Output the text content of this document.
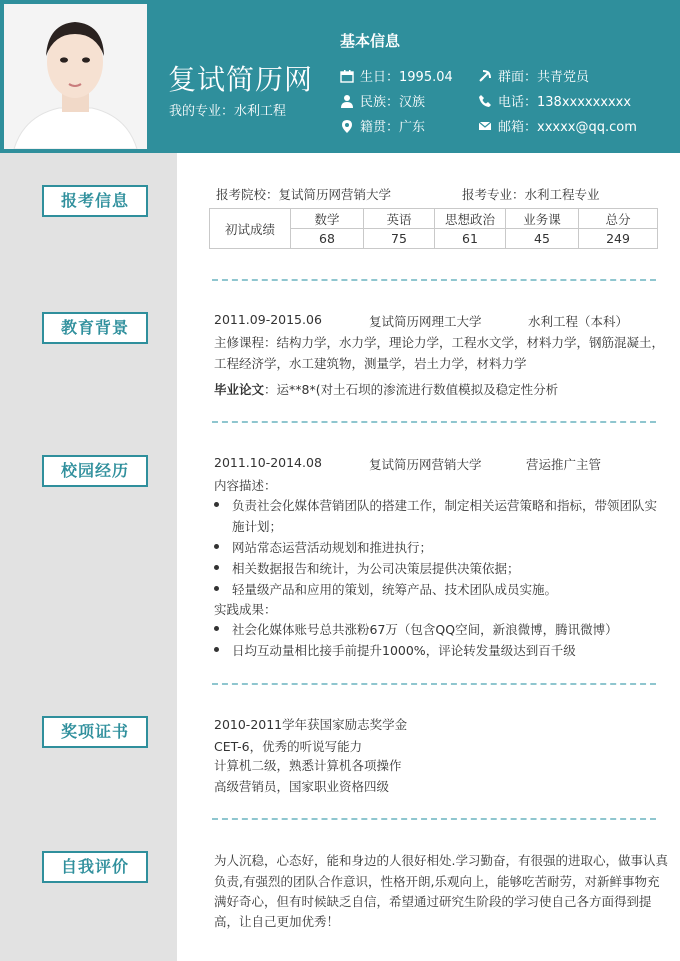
复试简历网
我的专业：水利工程
基本信息
生日：1995.04
民族：汉族
籍贯：广东
群面：共青党员
电话：138xxxxxxxxx
邮箱：xxxxx@qq.com
报考信息	报考院校：复试简历网营销大学	报考专业：水利工程专业
初试成绩	数学	英语	思想政治	业务课	总分
	68	75	61	45	249
教育背景	2011.09-2015.06	复试简历网理工大学	水利工程（本科）
主修课程：结构力学，水力学，理论力学，工程水文学，材料力学，钢筋混凝土，
工程经济学，水工建筑物，测量学，岩土力学，材料力学
毕业论文：运**8*(对土石坝的渗流进行数值模拟及稳定性分析
校园经历	2011.10-2014.08	复试简历网营销大学	营运推广主管
内容描述：
负责社会化媒体营销团队的搭建工作，制定相关运营策略和指标，带领团队实
施计划；
网站常态运营活动规划和推进执行；
相关数据报告和统计，为公司决策层提供决策依据；
轻量级产品和应用的策划，统筹产品、技术团队成员实施。
实践成果：
社会化媒体账号总共涨粉67万（包含QQ空间，新浪微博，腾讯微博）
日均互动量相比接手前提升1000%，评论转发量级达到百千级
奖项证书	2010-2011学年获国家励志奖学金
CET-6，优秀的听说写能力
计算机二级，熟悉计算机各项操作
高级营销员，国家职业资格四级
自我评价	为人沉稳，心态好，能和身边的人很好相处.学习勤奋，有很强的进取心，做事认真
负责,有强烈的团队合作意识，性格开朗,乐观向上，能够吃苦耐劳，对新鲜事物充
满好奇心，但有时候缺乏自信，希望通过研究生阶段的学习使自己各方面得到提
高，让自己更加优秀！
